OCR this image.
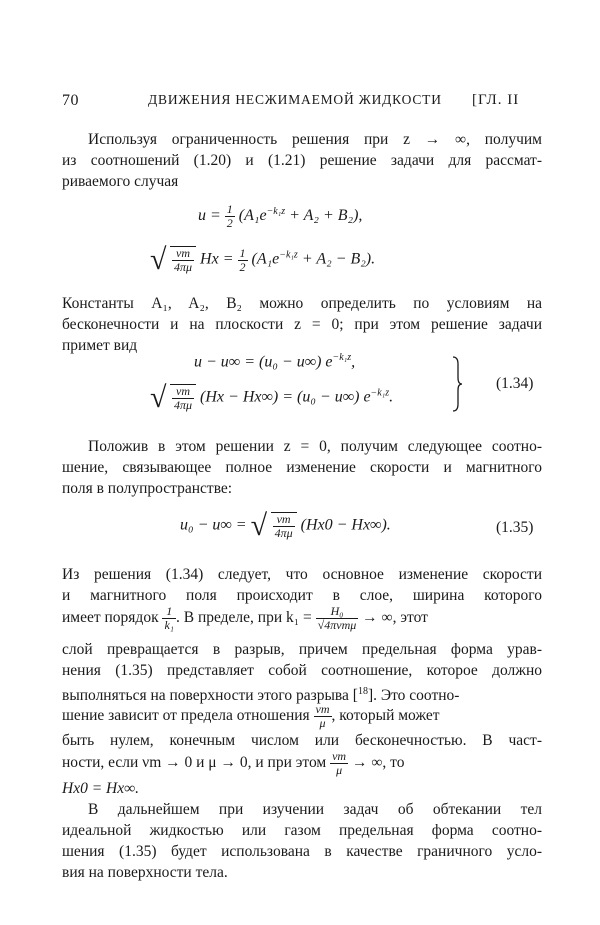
70	ДВИЖЕНИЯ НЕСЖИМАЕМОЙ ЖИДКОСТИ [ГЛ. II
Используя ограниченность решения при z → ∞, получим
из соотношений (1.20) и (1.21) решение задачи для рассмат-
риваемого случая
$u = \frac{1}{2} (A_1e^{-k_1z} + A_2 + B_2)$,
√ $\frac{\nu m}{4\pi\mu}$ $Hx = \frac{1}{2} (A_1e^{-k_1z} + A_2 - B_2)$.
Константы A₁, A₂, B₂ можно определить по условиям на
бесконечности и на плоскости z = 0; при этом решение задачи
примет вид
u − u∞ = (u₀ − u∞) $e^{-k_1z}$,
√ $\frac{\nu m}{4\pi\mu} (Hx - Hx\infty) = (u_0 - u\infty)$ $e^{-k_1z}$.
(1.34)
Положив в этом решении z = 0, получим следующее соотно-
шение, связывающее полное изменение скорости и магнитного
поля в полупространстве:
u₀ − u∞ = √ $\frac{\nu m}{4\pi\mu} (Hx0 - Hx\infty)$.	(1.35)
Из решения (1.34) следует, что основное изменение скорости
и магнитного поля происходит в слое, ширина которого
имеет порядок $\frac{1}{\text{k₁}}$ . В пределе, при $k_1 = \frac{\text{H₀}}{\text{√4πνmμ}}$ → ∞, этот
слой превращается в разрыв, причем предельная форма урав-
нения (1.35) представляет собой соотношение, которое должно
выполняться на поверхности этого разрыва [$^{18}$]. Это соотно-
шение зависит от предела отношения $\frac{\nu m}{\mu}$ , который может
быть нулем, конечным числом или бесконечностью. В част-
ности, если νm → 0 и μ → 0, и при этом $\frac{\nu m}{\mu}$ → ∞, то
Hx0 = Hx∞.
В дальнейшем при изучении задач об обтекании тел
идеальной жидкостью или газом предельная форма соотно-
шения (1.35) будет использована в качестве граничного усло-
вия на поверхности тела.
